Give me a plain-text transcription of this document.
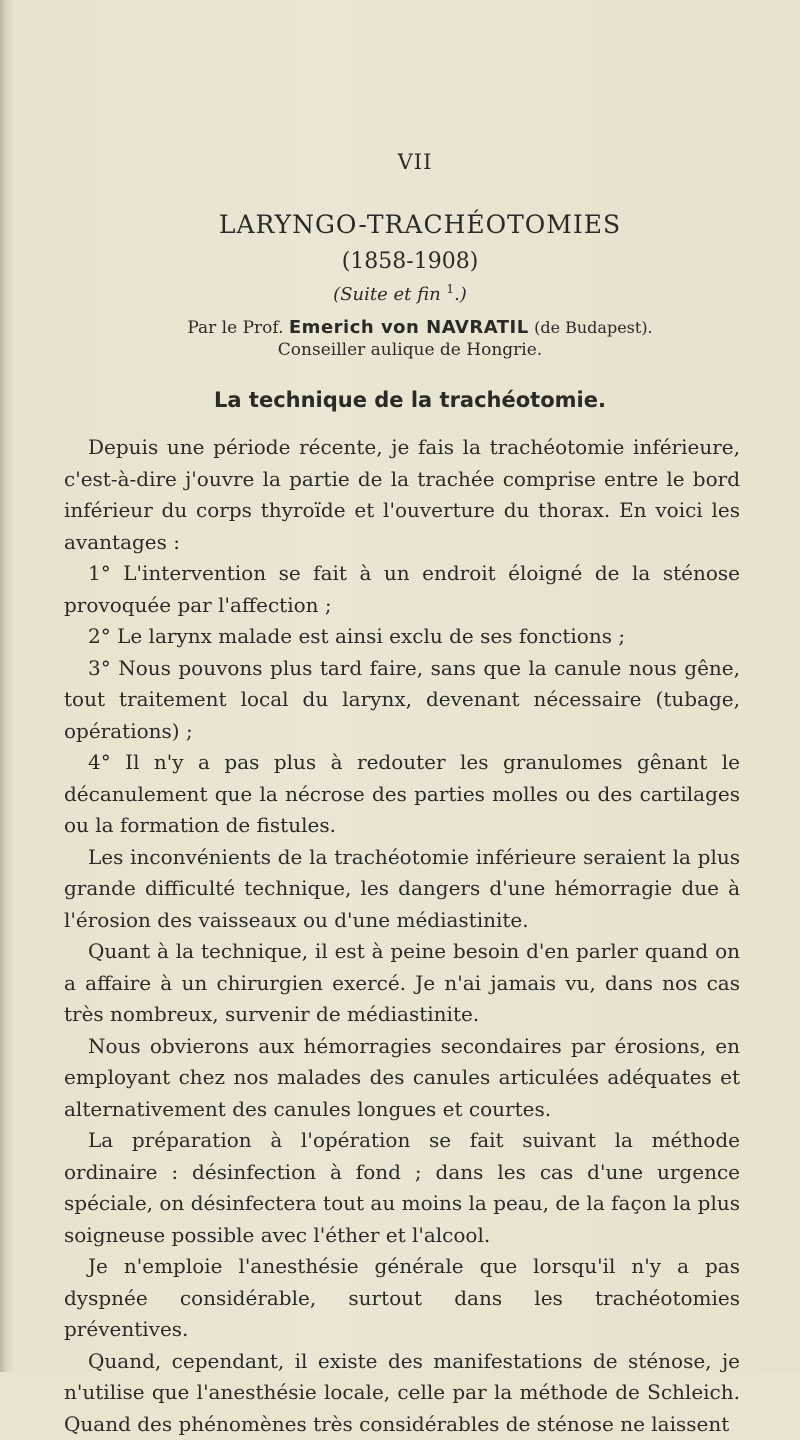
VII
LARYNGO-TRACHÉOTOMIES
(1858-1908)
(Suite et fin $^1$.)
Par le Prof. Emerich von NAVRATIL (de Budapest).
Conseiller aulique de Hongrie.
La technique de la trachéotomie.

Depuis une période récente, je fais la trachéotomie inférieure, c'est-à-dire j'ouvre la partie de la trachée comprise entre le bord inférieur du corps thyroïde et l'ouverture du thorax. En voici les avantages :

1° L'intervention se fait à un endroit éloigné de la sténose provoquée par l'affection ;

2° Le larynx malade est ainsi exclu de ses fonctions ;

3° Nous pouvons plus tard faire, sans que la canule nous gêne, tout traitement local du larynx, devenant nécessaire (tubage, opérations) ;

4° Il n'y a pas plus à redouter les granulomes gênant le décanulement que la nécrose des parties molles ou des cartilages ou la formation de fistules.

Les inconvénients de la trachéotomie inférieure seraient la plus grande difficulté technique, les dangers d'une hémorragie due à l'érosion des vaisseaux ou d'une médiastinite.

Quant à la technique, il est à peine besoin d'en parler quand on a affaire à un chirurgien exercé. Je n'ai jamais vu, dans nos cas très nombreux, survenir de médiastinite.

Nous obvierons aux hémorragies secondaires par érosions, en employant chez nos malades des canules articulées adéquates et alternativement des canules longues et courtes.

La préparation à l'opération se fait suivant la méthode ordinaire : désinfection à fond ; dans les cas d'une urgence spéciale, on désinfectera tout au moins la peau, de la façon la plus soigneuse possible avec l'éther et l'alcool.

Je n'emploie l'anesthésie générale que lorsqu'il n'y a pas dyspnée considérable, surtout dans les trachéotomies préventives.

Quand, cependant, il existe des manifestations de sténose, je n'utilise que l'anesthésie locale, celle par la méthode de Schleich. Quand des phénomènes très considérables de sténose ne laissent
